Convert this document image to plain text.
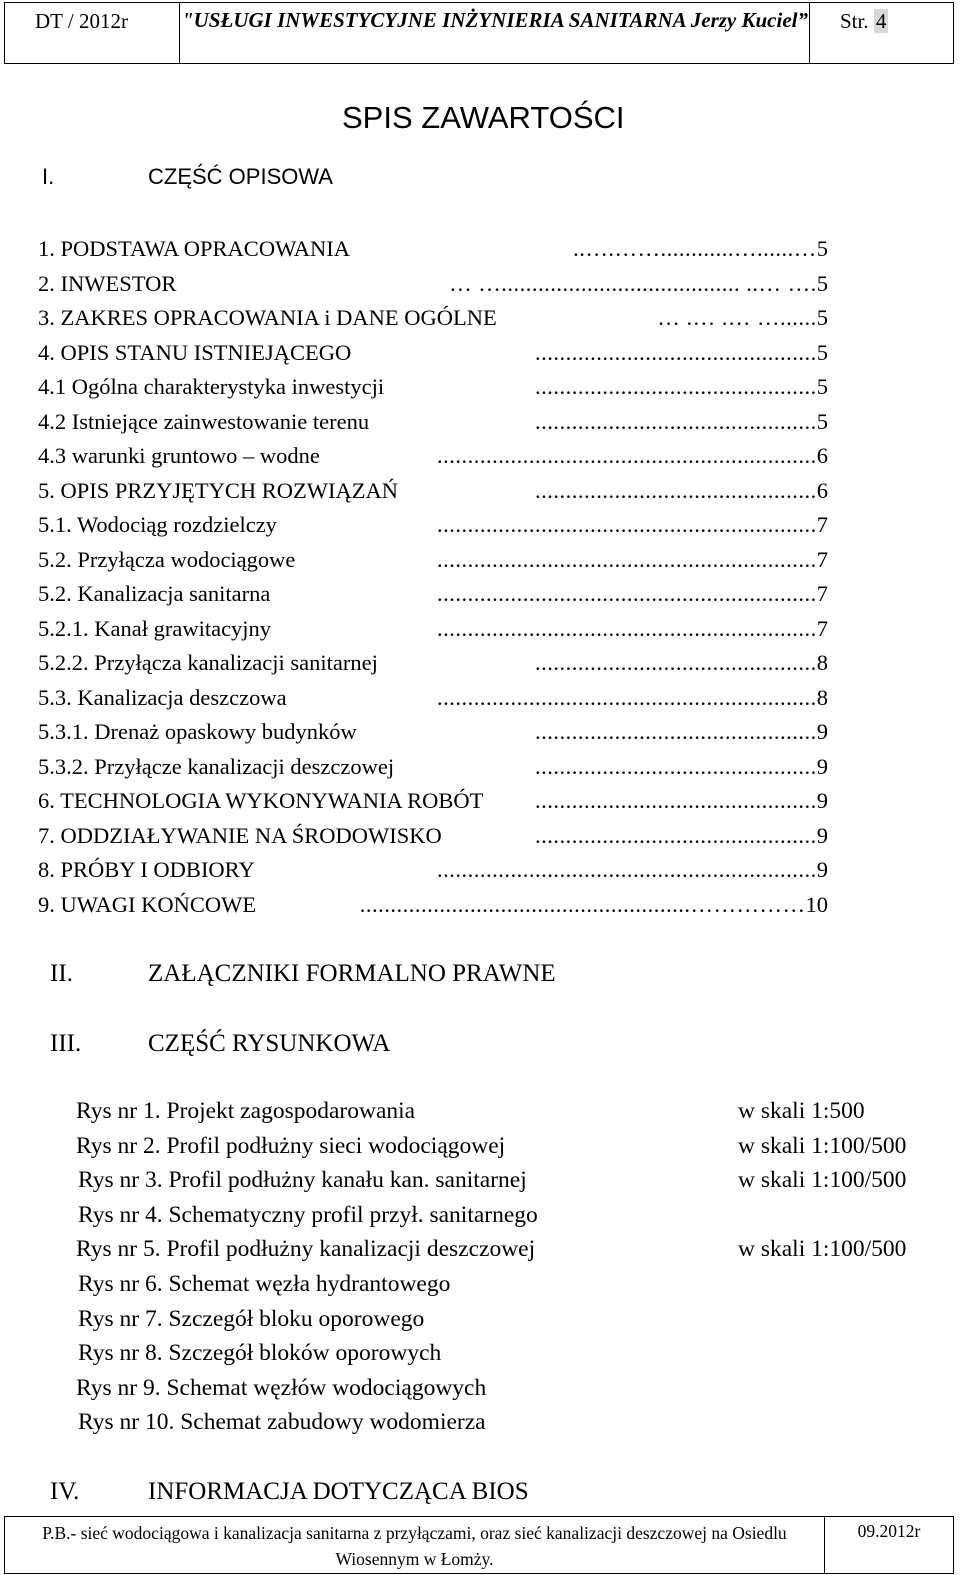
DT / 2012r	"USŁUGI INWESTYCYJNE INŻYNIERIA SANITARNA Jerzy Kuciel” Str. 4
SPIS ZAWARTOŚCI
I.	CZĘŚĆ OPISOWA
1. PODSTAWA OPRACOWANIA	…......…............…….….. 5
2. INWESTOR	.… ….. .......................................… … 5
3. ZAKRES OPRACOWANIA i DANE OGÓLNE	......… …. …. … 5
4. OPIS STANU ISTNIEJĄCEGO	.............................................. 5
4.1 Ogólna charakterystyka inwestycji	.............................................. 5
4.2 Istniejące zainwestowanie terenu	.............................................. 5
4.3 warunki gruntowo – wodne	.............................................................. 6
5. OPIS PRZYJĘTYCH ROZWIĄZAŃ	.............................................. 6
5.1. Wodociąg rozdzielczy	.............................................................. 7
5.2. Przyłącza wodociągowe	.............................................................. 7
5.2. Kanalizacja sanitarna	.............................................................. 7
5.2.1. Kanał grawitacyjny	.............................................................. 7
5.2.2. Przyłącza kanalizacji sanitarnej	.............................................. 8
5.3. Kanalizacja deszczowa	.............................................................. 8
5.3.1. Drenaż opaskowy budynków	.............................................. 9
5.3.2. Przyłącze kanalizacji deszczowej	.............................................. 9
6. TECHNOLOGIA WYKONYWANIA ROBÓT	.............................................. 9
7. ODDZIAŁYWANIE NA ŚRODOWISKO	.............................................. 9
8. PRÓBY I ODBIORY	.............................................................. 9
9. UWAGI KOŃCOWE	……………...................................................... 10
II.	ZAŁĄCZNIKI FORMALNO PRAWNE
III.	CZĘŚĆ RYSUNKOWA
Rys nr 1. Projekt zagospodarowania	w skali 1:500
Rys nr 2. Profil podłużny sieci wodociągowej	w skali 1:100/500
Rys nr 3. Profil podłużny kanału kan. sanitarnej	w skali 1:100/500
Rys nr 4. Schematyczny profil przył. sanitarnego
Rys nr 5. Profil podłużny kanalizacji deszczowej	w skali 1:100/500
Rys nr 6. Schemat węzła hydrantowego
Rys nr 7. Szczegół bloku oporowego
Rys nr 8. Szczegół bloków oporowych
Rys nr 9. Schemat węzłów wodociągowych
Rys nr 10. Schemat zabudowy wodomierza
IV.	INFORMACJA DOTYCZĄCA BIOS
P.B.- sieć wodociągowa i kanalizacja sanitarna z przyłączami, oraz sieć kanalizacji deszczowej na Osiedlu Wiosennym w Łomży.
09.2012r
